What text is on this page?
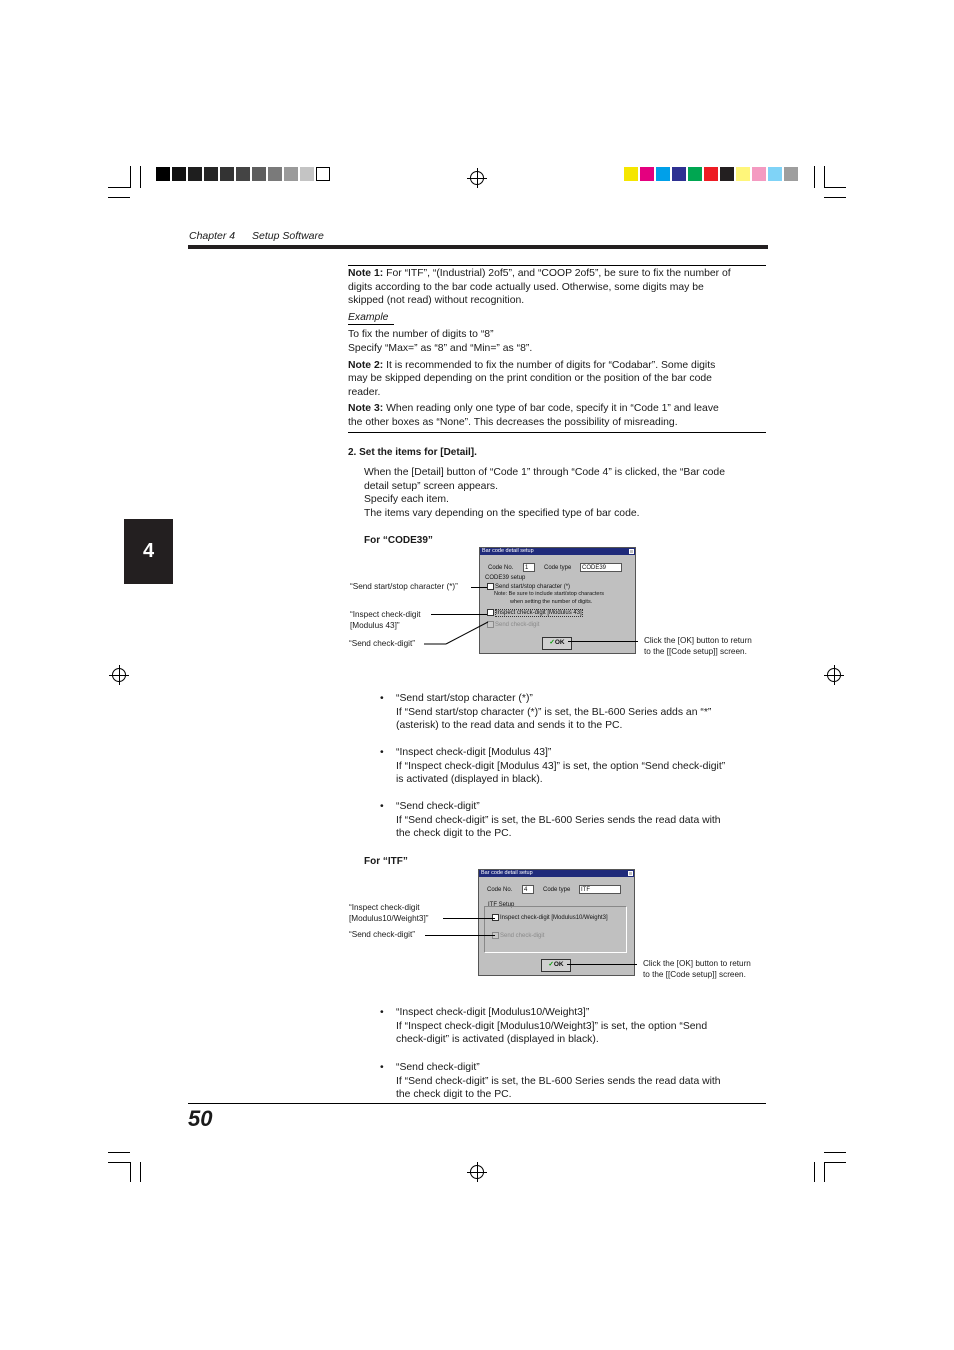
Chapter 4 Setup Software
4
Note 1: For “ITF”, “(Industrial) 2of5”, and “COOP 2of5”, be sure to fix the number of
digits according to the bar code actually used. Otherwise, some digits may be
skipped (not read) without recognition.
Example
To fix the number of digits to “8”
Specify “Max=” as “8” and “Min=” as “8”.
Note 2: It is recommended to fix the number of digits for “Codabar”. Some digits
may be skipped depending on the print condition or the position of the bar code
reader.
Note 3: When reading only one type of bar code, specify it in “Code 1” and leave
the other boxes as “None”. This decreases the possibility of misreading.
2. Set the items for [Detail].
When the [Detail] button of “Code 1” through “Code 4” is clicked, the “Bar code
detail setup” screen appears.
Specify each item.
The items vary depending on the specified type of bar code.
For “CODE39”
Bar code detail setup
Code No.	1	Code type	CODE39
CODE39 setup
Send start/stop character (*)
Note: Be sure to include start/stop characters
when setting the number of digits.
Inspect check-digit [Modulus 43]
Send check-digit
✓OK
“Send start/stop character (*)”
“Inspect check-digit
[Modulus 43]”
“Send check-digit”	Click the [OK] button to return
to the [[Code setup]] screen.
• “Send start/stop character (*)”
If “Send start/stop character (*)” is set, the BL-600 Series adds an “*”
(asterisk) to the read data and sends it to the PC.
• “Inspect check-digit [Modulus 43]”
If “Inspect check-digit [Modulus 43]” is set, the option “Send check-digit”
is activated (displayed in black).
• “Send check-digit”
If “Send check-digit” is set, the BL-600 Series sends the read data with
the check digit to the PC.
For “ITF”
Bar code detail setup
Code No.	4	Code type	ITF
ITF Setup
Inspect check-digit [Modulus10/Weight3]
Send check-digit
✓OK
“Inspect check-digit
[Modulus10/Weight3]”
“Send check-digit”
Click the [OK] button to return
to the [[Code setup]] screen.
• “Inspect check-digit [Modulus10/Weight3]”
If “Inspect check-digit [Modulus10/Weight3]” is set, the option “Send
check-digit” is activated (displayed in black).
• “Send check-digit”
If “Send check-digit” is set, the BL-600 Series sends the read data with
the check digit to the PC.
50
